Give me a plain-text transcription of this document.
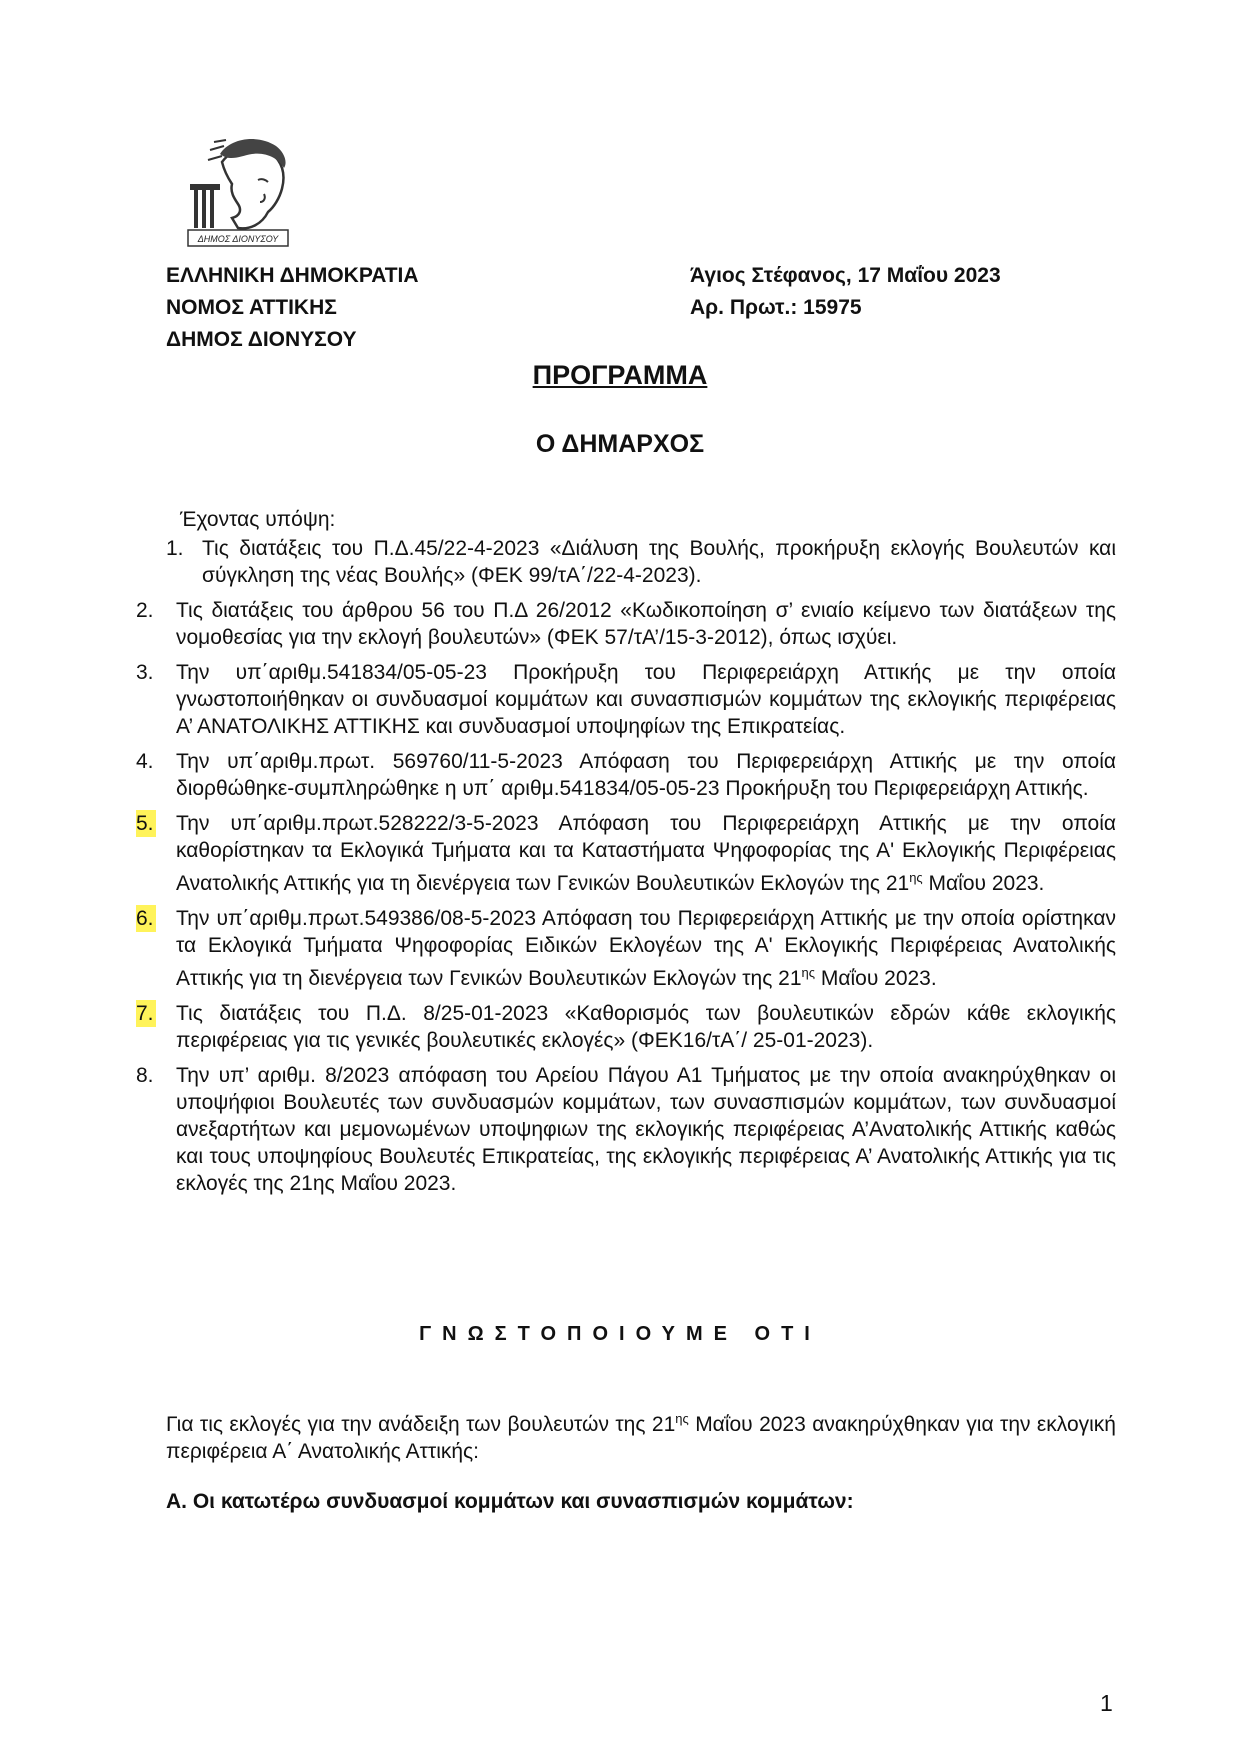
ΔΗΜΟΣ ΔΙΟΝΥΣΟΥ
ΕΛΛΗΝΙΚΗ ΔΗΜΟΚΡΑΤΙΑ
ΝΟΜΟΣ ΑΤΤΙΚΗΣ
ΔΗΜΟΣ ΔΙΟΝΥΣΟΥ
Άγιος Στέφανος, 17 Μαΐου 2023
Αρ. Πρωτ.: 15975
ΠΡΟΓΡΑΜΜΑ
Ο ΔΗΜΑΡΧΟΣ
Έχοντας υπόψη:
1. Τις διατάξεις του Π.Δ.45/22-4-2023 «Διάλυση της Βουλής, προκήρυξη εκλογής Βουλευτών και σύγκληση της νέας Βουλής» (ΦΕΚ 99/τΑ΄/22-4-2023).
2. Τις διατάξεις του άρθρου 56 του Π.Δ 26/2012 «Κωδικοποίηση σ’ ενιαίο κείμενο των διατάξεων της νομοθεσίας για την εκλογή βουλευτών» (ΦΕΚ 57/τΑ’/15-3-2012), όπως ισχύει.
3. Την υπ΄αριθμ.541834/05-05-23 Προκήρυξη του Περιφερειάρχη Αττικής με την οποία γνωστοποιήθηκαν οι συνδυασμοί κομμάτων και συνασπισμών κομμάτων της εκλογικής περιφέρειας Α’ ΑΝΑΤΟΛΙΚΗΣ ΑΤΤΙΚΗΣ και συνδυασμοί υποψηφίων της Επικρατείας.
4. Την υπ΄αριθμ.πρωτ. 569760/11-5-2023 Απόφαση του Περιφερειάρχη Αττικής με την οποία διορθώθηκε-συμπληρώθηκε η υπ΄ αριθμ.541834/05-05-23 Προκήρυξη του Περιφερειάρχη Αττικής.
5. Την υπ΄αριθμ.πρωτ.528222/3-5-2023 Απόφαση του Περιφερειάρχη Αττικής με την οποία καθορίστηκαν τα Εκλογικά Τμήματα και τα Καταστήματα Ψηφοφορίας της Α' Εκλογικής Περιφέρειας Ανατολικής Αττικής για τη διενέργεια των Γενικών Βουλευτικών Εκλογών της $21^{\eta\varsigma}$ Μαΐου 2023.
6. Την υπ΄αριθμ.πρωτ.549386/08-5-2023 Απόφαση του Περιφερειάρχη Αττικής με την οποία ορίστηκαν τα Εκλογικά Τμήματα Ψηφοφορίας Ειδικών Εκλογέων της Α' Εκλογικής Περιφέρειας Ανατολικής Αττικής για τη διενέργεια των Γενικών Βουλευτικών Εκλογών της $21^{\eta\varsigma}$ Μαΐου 2023.
7. Τις διατάξεις του Π.Δ. 8/25-01-2023 «Καθορισμός των βουλευτικών εδρών κάθε εκλογικής περιφέρειας για τις γενικές βουλευτικές εκλογές» (ΦΕΚ16/τΑ΄/ 25-01-2023).
8. Την υπ’ αριθμ. 8/2023 απόφαση του Αρείου Πάγου Α1 Τμήματος με την οποία ανακηρύχθηκαν οι υποψήφιοι Βουλευτές των συνδυασμών κομμάτων, των συνασπισμών κομμάτων, των συνδυασμοί ανεξαρτήτων και μεμονωμένων υποψηφιων της εκλογικής περιφέρειας Α’Ανατολικής Αττικής καθώς και τους υποψηφίους Βουλευτές Επικρατείας, της εκλογικής περιφέρειας Α’ Ανατολικής Αττικής για τις εκλογές της 21ης Μαΐου 2023.
ΓΝΩΣΤΟΠΟΙΟΥΜΕ ΟΤΙ
Για τις εκλογές για την ανάδειξη των βουλευτών της $21^{\eta\varsigma}$ Μαΐου 2023 ανακηρύχθηκαν για την εκλογική περιφέρεια Α΄ Ανατολικής Αττικής:
Α. Οι κατωτέρω συνδυασμοί κομμάτων και συνασπισμών κομμάτων:
1
